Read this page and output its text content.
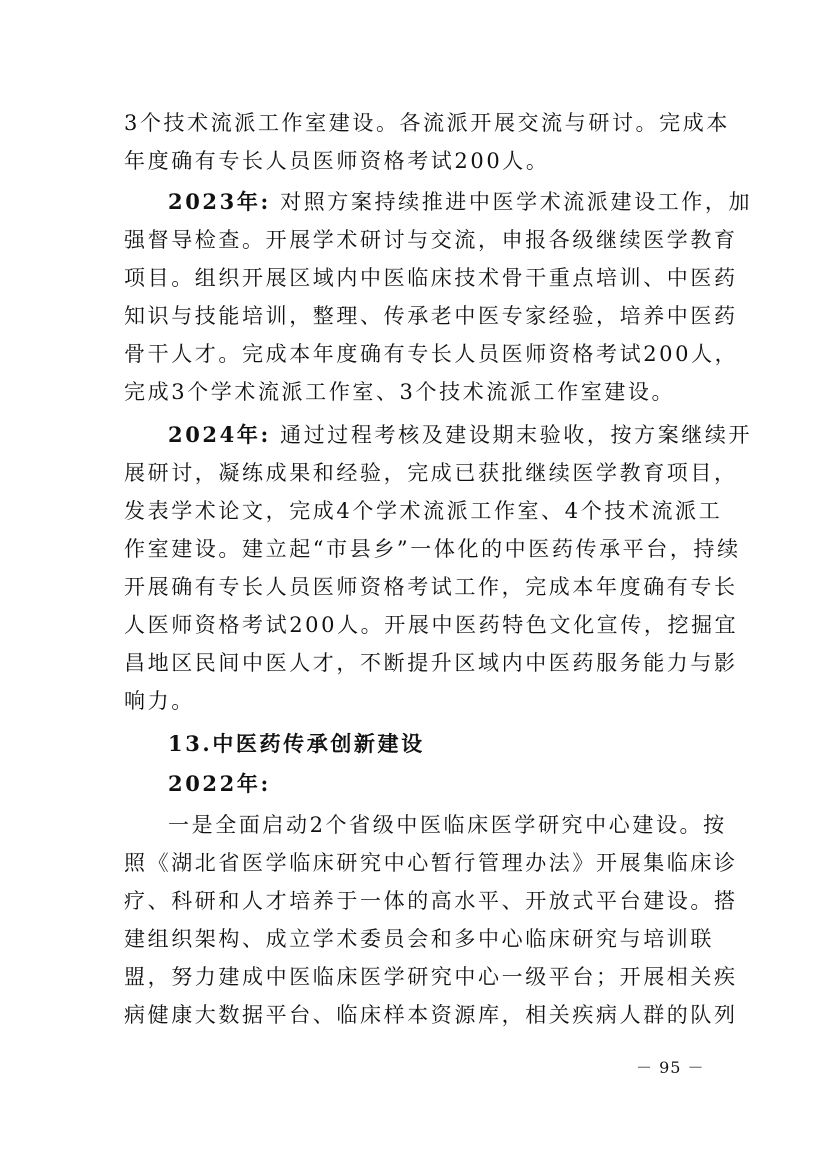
3个技术流派工作室建设。各流派开展交流与研讨。完成本
年度确有专长人员医师资格考试200人。
2023年: 对照方案持续推进中医学术流派建设工作，加
强督导检查。开展学术研讨与交流，申报各级继续医学教育
项目。组织开展区域内中医临床技术骨干重点培训、中医药
知识与技能培训，整理、传承老中医专家经验，培养中医药
骨干人才。完成本年度确有专长人员医师资格考试200人，
完成3个学术流派工作室、3个技术流派工作室建设。
2024年: 通过过程考核及建设期末验收，按方案继续开
展研讨，凝练成果和经验，完成已获批继续医学教育项目，
发表学术论文，完成4个学术流派工作室、4个技术流派工
作室建设。建立起“市县乡”一体化的中医药传承平台，持续
开展确有专长人员医师资格考试工作，完成本年度确有专长
人医师资格考试200人。开展中医药特色文化宣传，挖掘宜
昌地区民间中医人才，不断提升区域内中医药服务能力与影
响力。
13.中医药传承创新建设
2022年:
一是全面启动2个省级中医临床医学研究中心建设。按
照《湖北省医学临床研究中心暂行管理办法》开展集临床诊
疗、科研和人才培养于一体的高水平、开放式平台建设。搭
建组织架构、成立学术委员会和多中心临床研究与培训联
盟，努力建成中医临床医学研究中心一级平台；开展相关疾
病健康大数据平台、临床样本资源库，相关疾病人群的队列
－ 95 －
